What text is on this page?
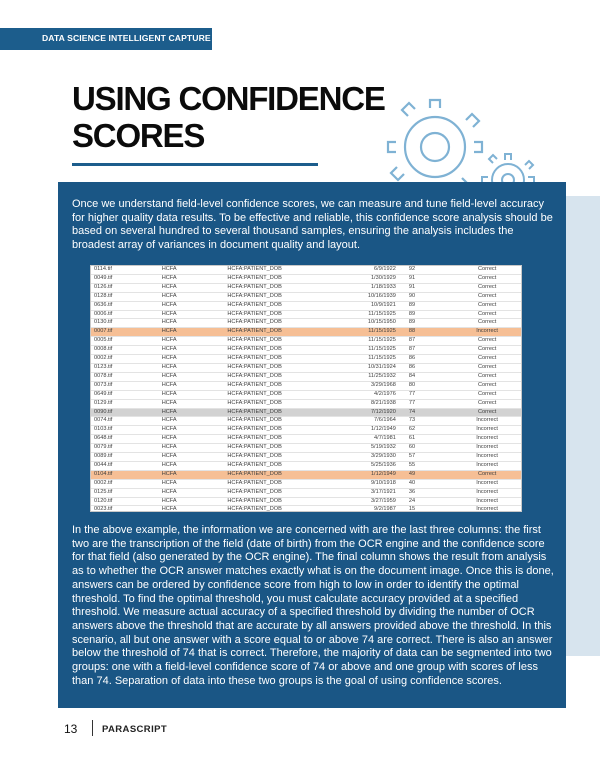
DATA SCIENCE INTELLIGENT CAPTURE
USING CONFIDENCE
SCORES

Once we understand field-level confidence scores, we can measure and tune field-level accuracy for higher quality data results. To be effective and reliable, this confidence score analysis should be based on several hundred to several thousand samples, ensuring the analysis includes the broadest array of variances in document quality and layout.

0114.tif	HCFA	HCFA:PATIENT_DOB	6/9/1922	92	Correct
0049.tif	HCFA	HCFA:PATIENT_DOB	1/30/1929	91	Correct
0126.tif	HCFA	HCFA:PATIENT_DOB	1/18/1933	91	Correct
0128.tif	HCFA	HCFA:PATIENT_DOB	10/16/1939	90	Correct
0636.tif	HCFA	HCFA:PATIENT_DOB	10/9/1921	89	Correct
0006.tif	HCFA	HCFA:PATIENT_DOB	11/15/1925	89	Correct
0130.tif	HCFA	HCFA:PATIENT_DOB	10/15/1950	89	Correct
0007.tif	HCFA	HCFA:PATIENT_DOB	11/15/1925	88	Incorrect
0005.tif	HCFA	HCFA:PATIENT_DOB	11/15/1925	87	Correct
0008.tif	HCFA	HCFA:PATIENT_DOB	11/15/1925	87	Correct
0002.tif	HCFA	HCFA:PATIENT_DOB	11/15/1925	86	Correct
0123.tif	HCFA	HCFA:PATIENT_DOB	10/31/1924	86	Correct
0078.tif	HCFA	HCFA:PATIENT_DOB	11/25/1932	84	Correct
0073.tif	HCFA	HCFA:PATIENT_DOB	3/29/1968	80	Correct
0649.tif	HCFA	HCFA:PATIENT_DOB	4/2/1976	77	Correct
0129.tif	HCFA	HCFA:PATIENT_DOB	8/21/1938	77	Correct
0090.tif	HCFA	HCFA:PATIENT_DOB	7/12/1920	74	Correct
0074.tif	HCFA	HCFA:PATIENT_DOB	7/6/1964	73	Incorrect
0103.tif	HCFA	HCFA:PATIENT_DOB	1/12/1949	62	Incorrect
0648.tif	HCFA	HCFA:PATIENT_DOB	4/7/1981	61	Incorrect
0079.tif	HCFA	HCFA:PATIENT_DOB	5/19/1932	60	Incorrect
0089.tif	HCFA	HCFA:PATIENT_DOB	3/29/1930	57	Incorrect
0044.tif	HCFA	HCFA:PATIENT_DOB	5/25/1936	55	Incorrect
0104.tif	HCFA	HCFA:PATIENT_DOB	1/12/1949	49	Correct
0002.tif	HCFA	HCFA:PATIENT_DOB	9/10/1918	40	Incorrect
0125.tif	HCFA	HCFA:PATIENT_DOB	3/17/1921	36	Incorrect
0120.tif	HCFA	HCFA:PATIENT_DOB	3/27/1959	24	Incorrect
0023.tif	HCFA	HCFA:PATIENT_DOB	9/2/1987	15	Incorrect

In the above example, the information we are concerned with are the last three columns: the first two are the transcription of the field (date of birth) from the OCR engine and the confidence score for that field (also generated by the OCR engine). The final column shows the result from analysis as to whether the OCR answer matches exactly what is on the document image. Once this is done, answers can be ordered by confidence score from high to low in order to identify the optimal threshold. To find the optimal threshold, you must calculate accuracy provided at a specified threshold. We measure actual accuracy of a specified threshold by dividing the number of OCR answers above the threshold that are accurate by all answers provided above the threshold. In this scenario, all but one answer with a score equal to or above 74 are correct. There is also an answer below the threshold of 74 that is correct. Therefore, the majority of data can be segmented into two groups: one with a field-level confidence score of 74 or above and one group with scores of less than 74. Separation of data into these two groups is the goal of using confidence scores.

13	PARASCRIPT
